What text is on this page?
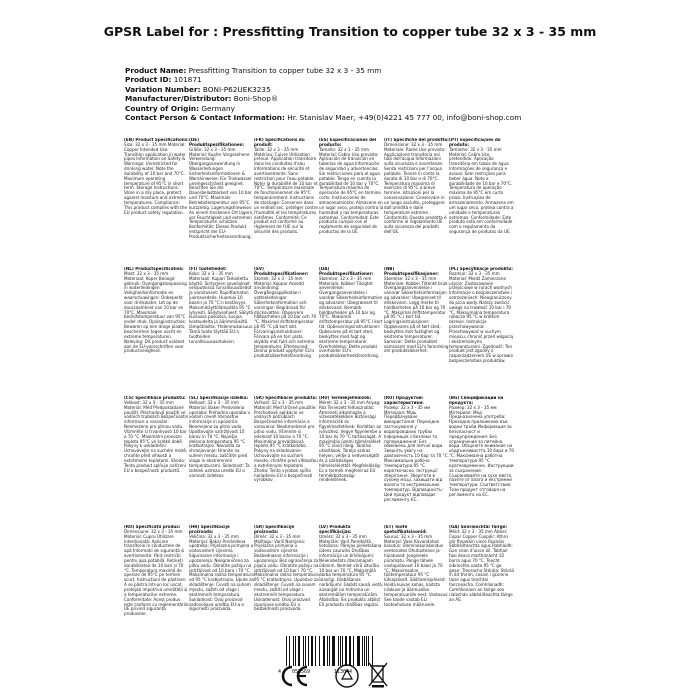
GPSR Label for : Pressfitting Transition to copper tube 32 x 3 - 35 mm
Product Name: Pressfitting Transition to copper tube 32 x 3 - 35 mm
Product ID: 101871
Variation Number: BONI-P62UEK3235
Manufacturer/Distributor: Boni-Shop®
Country of Origin: Germany
Contact Person & Contact Information: Hr. Stanislav Maer, +49(0)4221 45 777 00, info@boni-shop.com
(EN) Product Specifications:
Size: 32 x 3 - 35 mm Material: Copper Intended Use: Transition application in water pipes Information on Safety & Warnings: Unrestricted for drinking water. Note the durability of 10 bar and 70°C. Maximum operating temperature of 95°C in short term. Storage Instructions: Store in a dry place, protect against moisture and extreme temperatures. Compliance: This product complies with the EU product safety regulation.
(DE) Produktspezifikationen:
Größe: 32 x 3 - 35 mm Material: Kupfer Vorgesehene Verwendung: Übergangsanwendung in Wasserleitungen Sicherheitsinformationen & Warnhinweise: Für Trinkwasser uneingeschränkt geeignet. Beachten Sie die Dauerbelastbarkeit von 10 bar und 70°C. Maximale Betriebstemperatur von 95°C kurzzeitig. Lagerungshinweise: An einem trockenen Ort lagern, vor Feuchtigkeit und extremen Temperaturen schützen. Konformität: Dieses Produkt entspricht der EU-Produktsicherheitsverordnung.
(FR) Spécifications du produit:
Taille: 32 x 3 - 35 mm Matériau: Cuivre Utilisation prévue: Application transitoire dans les conduites d'eau Informations de sécurité et avertissements: Sans restriction pour l'eau potable. Noter la durabilité de 10 bar et 70°C. Température maximale de fonctionnement de 95°C temporairement. Instructions de stockage: Conserver dans un endroit sec, protéger contre l'humidité et les températures extrêmes. Conformité: Ce produit est conforme au règlement de l'UE sur la sécurité des produits.
(ES) Especificaciones del producto:
Tamaño: 32 x 3 - 35 mm Material: Cobre Uso previsto: Aplicación de transición en tuberías de agua Información de seguridad y advertencias: Sin restricciones para el agua potable. Tenga en cuenta la durabilidad de 10 bar y 70°C. Temperatura máxima de operación de 95°C en término corto. Instrucciones de almacenamiento: Almacene en un lugar seco, proteja contra la humedad y las temperaturas extremas. Conformidad: Este producto cumple con el reglamento de seguridad de productos de la UE.
(IT) Specifiche del prodotto:
Dimensione: 32 x 3 - 35 mm Materiale: Rame Uso previsto: Applicazione transitoria nei tubi dell'acqua Informazioni sulla sicurezza e avvertenze: Senza restrizioni per l'acqua potabile. Tenere in conto la durata di 10 bar e di 70°C. Temperatura massima di esercizio di 95°C a breve termine. Istruzioni per la conservazione: Conservare in un luogo asciutto, proteggere dall'umidità e dalle temperature estreme. Conformità: Questo prodotto è conforme al regolamento UE sulla sicurezza dei prodotti dell'UE.
(PT) Especificações do produto:
Tamanho: 32 x 3 - 35 mm Material: Cobre Uso pretendido: Aplicação transitória em tubos de água Informações de segurança e avisos: Sem restrições para beber água. Note a durabilidade de 10 bar e 70°C. Temperatura de operação máxima de 95°C em curto prazo. Instruções de armazenamento: Armazene em um lugar seco, proteja contra a umidade e temperaturas extremas. Conformidade: Este produto está em conformidade com o regulamento da segurança de produtos da UE.
(NL) Productspecificaties:
Maat: 32 x 3 - 35 mm Materiaal: Koper Beoogd gebruik: Overgangstoepassing in waterleidingen Veiligheidsinformatie en waarschuwingen: Onbeperkt voor drinkwater. Let op de duurzaamheid van 10 bar en 70°C. Maximale bedrijfstemperatuur van 95°C onder druk. Opslaginstructies: Bewaren op een droge plaats, beschermen tegen vocht en extreme temperaturen. Naleving: Dit product voldoet aan de EU-voorschriften voor productveiligheid.
(FI) Tuotetiedot:
Koko: 32 x 3 - 35 mm Materiaali: Kupari Tarkoitettu käyttö: Siirtymien sovellukset vesiputkissa Turvallisuustiedot ja varoitukset: Rajoittamaton juomavedelle. Huomioi 10 baarin ja 70 °C:n kestävyys. Maksimikäyttölämpötila 95 °C lyhyesti. Säilytysohjeet: Säilytä kuivassa paikassa, suojaa kosteudelta ja äärimmäisiltä lämpötiloilta. Yhdenmukaisuus: Tämä tuote täyttää EU:n tuotteiden turvallisuusasetuksen.
(SV) Produktspecifikationer:
Storlek: 32 x 3 - 35 mm Material: Koppar Avsedd användning: Övergångsapplikation i vattenledningar Säkerhetsinformation och varningar: Begränsad för dricksvatten. Observera hållbarheten på 10 bar och 70 °C. Maximal driftstemperatur på 95 °C på kort sikt. Förvaringsinstruktioner: Förvara på en torr plats, skydda mot fukt och extrema temperaturer. Efterlevnad: Denna produkt uppfyller EU:s produktsäkerhetsförordning.
(DA) Produktspecifikationer:
Størrelse: 32 x 3 - 35 mm Materiale: Kobber Tilsigtet anvendelse: Overgangsanvendelse i vandrør Sikkerhedsinformation og advarsler: Ubegrænset til drikkevand. Bemærk holdbarheden på 10 bar og 70°C. Maksimal driftstemperatur på 95°C i kort tid. Opbevaringsinstruktioner: Opbevares på et tørt sted, beskyttes mod fugt og ekstreme temperaturer. Overholdelse: Dette produkt overholder EU's produktsikkerhedsforordning.
(NB) Produktspesifikasjoner:
Størrelse: 32 x 3 - 35 mm Materiale: Kobber Tiltenkt bruk: Overgangsanvendelse i vannrør Sikkerhetsinformasjon og advarsler: Ubegrenset til drikkevann. Legg merke til holdbarheten på 10 bar og 70 °C. Maksimal driftstemperatur på 95 °C i kort tid. Lagringsinstruksjoner: Oppbevares på et tørt sted, beskyttes mot fuktighet og ekstreme temperaturer. Samsvar: Dette produktet samsvarer med EU's forordning om produktsikkerhet.
(PL) Specyfikacje produktu:
Rozmiar: 32 x 3 - 35 mm Materiał: Miedź Zamierzone użycie: Zastosowanie przejściowe w rurach wodnych Informacje o bezpieczeństwie i ostrzeżeniach: Nieograniczony do picia wody. Należy zwrócić uwagę na trwałość 10 bar i 70 °C. Maksymalna temperatura robocza 95 °C w krótkim okresie. Instrukcje przechowywania: Przechowywać w suchym miejscu, chronić przed wilgocią i ekstremalnymi temperaturami. Zgodność: Ten produkt jest zgodny z rozporządzeniem UE w sprawie bezpieczeństwa produktów.
(CS) Specifikace produktu:
Velikost: 32 x 3 - 35 mm Materiál: Měď Předpokládané použití: Přechodové použití ve vodních trubkách Bezpečnostní informace a varování: Neomezeno pro pitnou vodu. Všimněte si trvanlivosti 10 bar a 70 °C. Maximální provozní teplota 95°C ve krátké době. Pokyny k uskladnění: Uchovávejte na suchém místě, chraňte před vlhkostí a extrémními teplotami. Shoda: Tento produkt splňuje nařízení EU o bezpečnosti produktů.
(SL) Specifikacije izdelka:
Velikost: 32 x 3 - 35 mm Material: Baker Predvidena uporaba: Prehodna uporaba v vodnih ceveh Varnostne informacije in opozorila: Neomejeno za pitno vodo. Upoštevajte vzdržljivost 10 barov in 70 °C. Najvišja delovna temperatura 95 °C kratkotrajno. Navodila za shranjevanje: Hranite na suhem mestu, zaščitite pred vlago in ekstremnimi temperaturami. Skladnost: Ta izdelek ustreza uredbi EU o varnosti izdelkov.
(SK) Špecifikácie produktu:
Veľkosť: 32 x 3 - 35 mm Materiál: Meď Určené použitie: Prechodové aplikácie vo vodných potrubíach Bezpečnostné informácie a varovania: Neobmedzené pre pitnú vodu. Všimnite si odolnosť 10 barov a 70 °C. Maximálna prevádzková teplota 95 °C krátkodobo. Pokyny na skladovanie: Uchovávajte na suchom mieste, chráňte pred vlhkosťou a extrémnymi teplotami. Zhoda: Tento výrobok spĺňa nariadenie EÚ o bezpečnosti výrobkov.
(HU) Termékjellemzők:
Méret: 32 x 3 - 35 mm Anyag: Réz Tervezett felhasználás: Átmeneti alkalmazás a vízvezetékekben Biztonsági információk és figyelmeztetések: Korlátlan az ivóvízhez. Vegye figyelembe a 10 bar és 70 °C tartósságát. A maximális üzemi hőmérséklet 95 °C rövid ideig. Tárolási utasítások: Tárolja száraz helyen, védje a nedvességtől és a szélsőséges hőmérséklettől. Megfelelőség: Ez a termék megfelel az EU termékbiztonsági rendeletének.
(RU) Продуктові характеристики:
Розмір: 32 x 3 - 35 мм Матеріал: Мідь Передбачуване використання: Перехідне застосування у водопровідних трубах Інформація з безпеки та попередження: Без обмежень для питної води. Зверніть увагу на довговічність 10 бар та 70 °C. Максимальна робоча температура 95 °C короткочасно. Інструкції зберігання: Зберігати в сухому місці, захищати від вологи та екстремальних температур. Відповідність: Цей продукт відповідає регламенту ЄС.
(BG) Спецификации на продукта:
Размер: 32 x 3 - 35 мм Материал: Мед Предназначена употреба: Преходно приложение във водни тръби Информация за безопасност и предупреждения: Без ограничения за питейна вода. Обърнете внимание на издръжливостта 10 бара и 70 °C. Максимална работна температура 95 °C кратковременно. Инструкции за съхранение: Съхранявайте на сухо място, пазете от влага и екстремни температури. Съответствие: Този продукт отговаря на регламента на ЕС.
(RO) Specificații produs:
Dimensiune: 32 x 3 - 35 mm Material: Cupru Utilizare intenționată: Aplicare tranzitorie în conductele de apă Informații de siguranță și avertismente: Fără restricții pentru apa potabilă. Rețineți durabilitatea de 10 bari și 70 °C. Temperatura maximă de operare de 95°C pe termen scurt. Instrucțiuni de păstrare: A se păstra într-un loc uscat, protejați împotriva umidității și a temperaturilor extreme. Conformitate: Acest produs este conform cu reglementările UE privind siguranța produselor.
(HR) Specifikacije proizvoda:
Veličina: 32 x 3 - 35 mm Materijal: Bakar Predviđena upotreba: Prijelazna primjena u vodovodnim cijevima Sigurnosne informacije i upozorenja: Neograničeno za pitku vodu. Obratite pažnju na izdržljivost od 10 bara i 70 °C. Maksimalna radna temperatura od 95 °C kratkotrajno. Upute za skladištenje: Čuvati na suhom mjestu, zaštiti od vlage i ekstremnih temperatura. Sukladnost: Ovaj proizvod zadovoljava uredbu EU-a o sigurnosti proizvoda.
(SR) Specifikacije proizvoda:
Dimér: 32 x 3 - 35 mm Meštagu: Variš Namjena: Prijelazna primjena u vodovodnim cijevima Bezbednosne informacije i upozorenja: Bez ograničenja za pijaću vodu. Obratite pažnju na izdržljivost od 10 bar i 70 °C. Maksimalna radna temperatura 95 °C kratkotrajno. Uputstvo za skladištenje: Čuvati na suvom mestu, zaštiti od vlage i ekstremnih temperatura. Usklađenost: Ovaj proizvod ispunjava uredbu EU o bezbednosti proizvoda.
(LV) Produkta specifikācijas:
Izmērs: 32 x 3 - 35 mm Materiāls: Varš Paredzētā lietošana: Pārejas pielietošana ūdens caurulēs Drošības informācija un brīdinājumi: Neierobežots dzeramajam ūdenim. Ņemiet vērā izturību 10 bar un 70 °C. Maksimālā darba temperatūra 95 °C īslaicīgi. Glabāšanas norādījumi: Glabāt sausā vietā, aizsargāt no mitruma un ekstremālām temperatūrām. Atbilstība: Šis produkts atbilst ES produktu drošības regulai.
(ET) Toote spetsifikatsioonid:
Suurus: 32 x 3 - 35 mm Materjal: Vask Kavandatud kasutus: Üleminekurakendus veetorudes Ohutusteave ja hoiatused: Joogiveele piiramatu. Pange tähele vastupidavust 10 baari ja 70 °C. Maksimaalne töötemperatuur 95 °C lühiajaliselt. Säilitamisjuhised: Hoida kuivas kohas, kaitsta niiskuse ja äärmuslike temperatuuride eest. Vastavus: See toode vastab ELi tooteohutuse määrusele.
(GA) Sonraíochtáí Táirge:
Méid: 32 x 3 - 35 mm Ábhar: Copar Copper Cuspóir: Athrú idir fheadáin uisce Faisnéis Sábháilteachta agus Rabhaidh: Gan srian d'uisce óil. Tabhair faoi deara marthanácht 10 barra agus 70 °C. Teocht oibríochta uasta 95 °C go gearr. Treoracha Stórála: Stóráil in áit thirim, cosain i gcoinne taise agus teochtaí foircneacha. Comhlíonadh: Comhlíonann an táirge seo rialachán sábháilteachta táirge an AE.
4 058569	113644
